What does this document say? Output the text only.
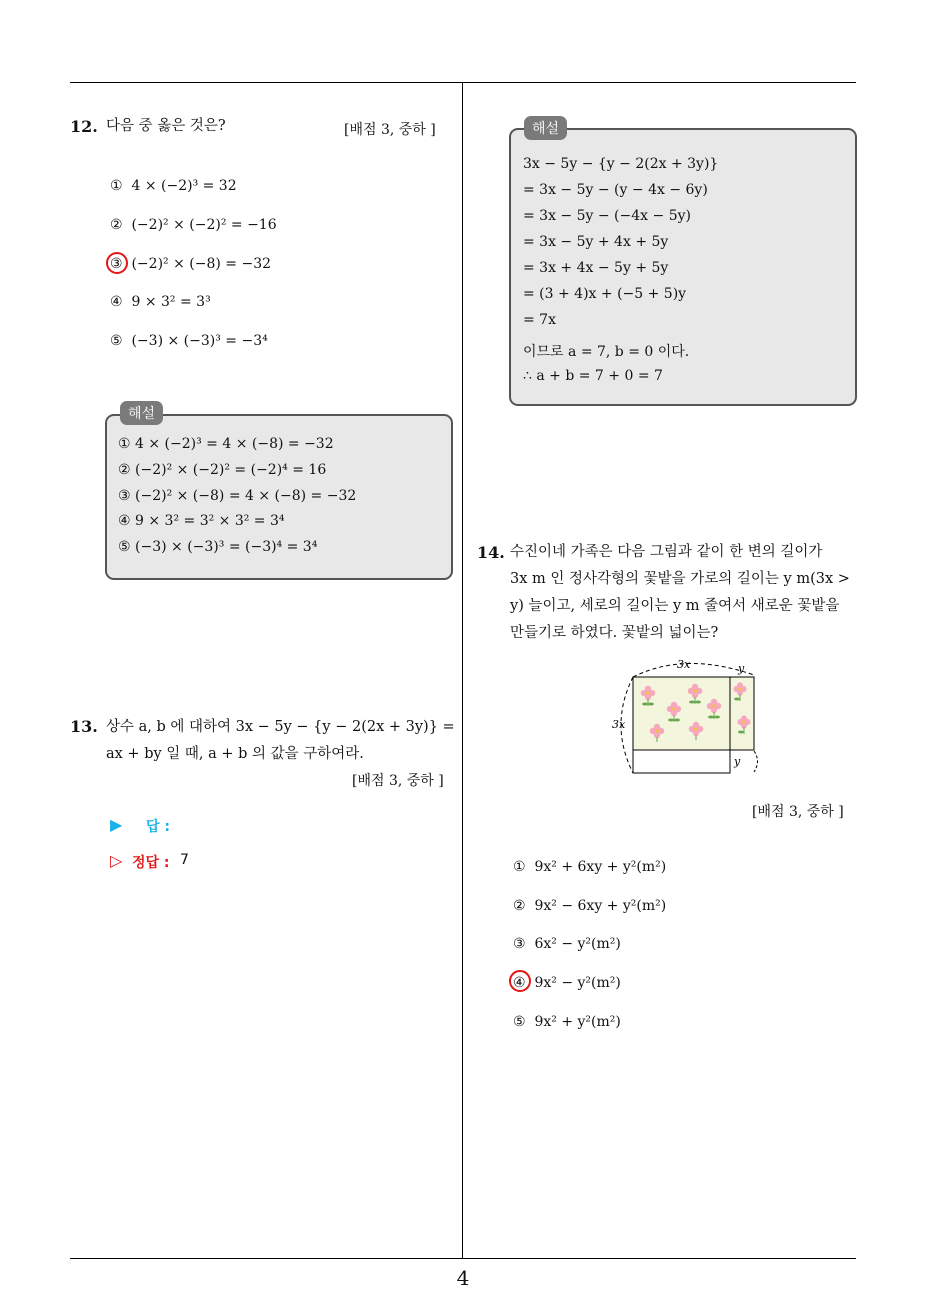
4
12. 다음 중 옳은 것은?	[배점 3, 중하 ]
① 4 × (−2)³ = 32
② (−2)² × (−2)² = −16
③ (−2)² × (−8) = −32
④ 9 × 3² = 3³
⑤ (−3) × (−3)³ = −3⁴
해설
① 4 × (−2)³ = 4 × (−8) = −32
② (−2)² × (−2)² = (−2)⁴ = 16
③ (−2)² × (−8) = 4 × (−8) = −32
④ 9 × 3² = 3² × 3² = 3⁴
⑤ (−3) × (−3)³ = (−3)⁴ = 3⁴
13. 상수 a, b 에 대하여 3x − 5y − {y − 2(2x + 3y)} =
ax + by 일 때, a + b 의 값을 구하여라.
[배점 3, 중하 ]
▶ 답 :
▷ 정답 : 7
해설
3x − 5y − {y − 2(2x + 3y)}
= 3x − 5y − (y − 4x − 6y)
= 3x − 5y − (−4x − 5y)
= 3x − 5y + 4x + 5y
= 3x + 4x − 5y + 5y
= (3 + 4)x + (−5 + 5)y
= 7x
이므로 a = 7, b = 0 이다.
∴ a + b = 7 + 0 = 7
14. 수진이네 가족은 다음 그림과 같이 한 변의 길이가
3x m 인 정사각형의 꽃밭을 가로의 길이는 y m(3x >
y) 늘이고, 세로의 길이는 y m 줄여서 새로운 꽃밭을
만들기로 하였다. 꽃밭의 넓이는?
3x	y
3x
y
[배점 3, 중하 ]
① 9x² + 6xy + y²(m²)
② 9x² − 6xy + y²(m²)
③ 6x² − y²(m²)
④ 9x² − y²(m²)
⑤ 9x² + y²(m²)
